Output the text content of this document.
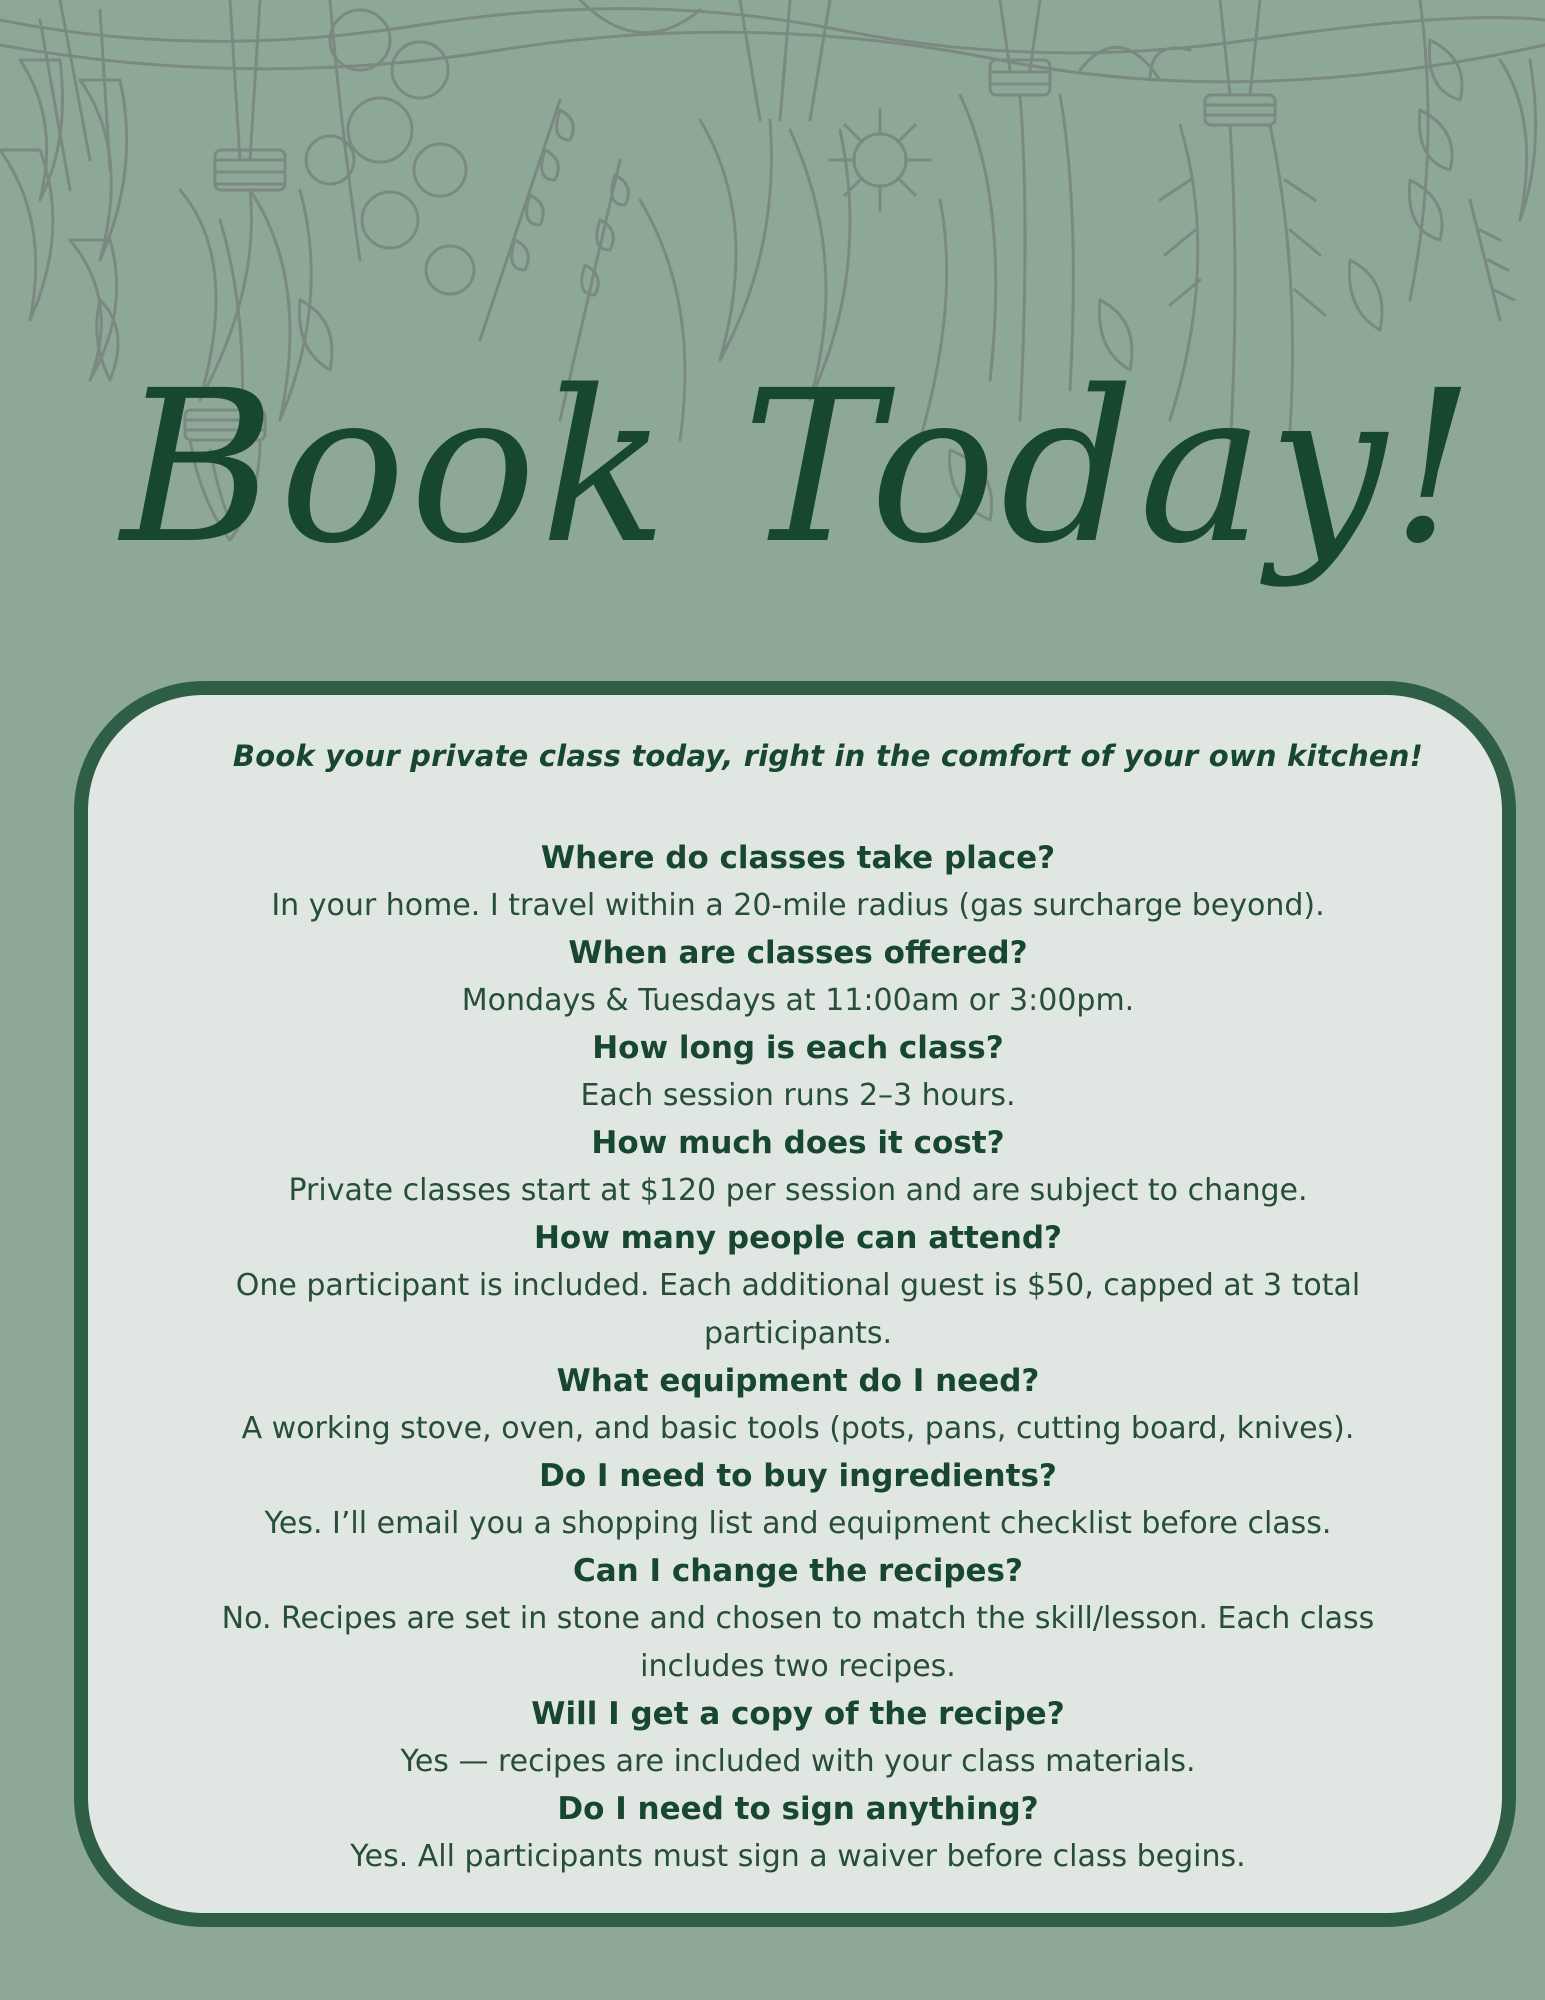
Book Today!

Book your private class today, right in the comfort of your own kitchen!

Where do classes take place?

In your home. I travel within a 20-mile radius (gas surcharge beyond).

When are classes offered?

Mondays & Tuesdays at 11:00am or 3:00pm.

How long is each class?

Each session runs 2–3 hours.

How much does it cost?

Private classes start at $120 per session and are subject to change.

How many people can attend?

One participant is included. Each additional guest is $50, capped at 3 total participants.

What equipment do I need?

A working stove, oven, and basic tools (pots, pans, cutting board, knives).

Do I need to buy ingredients?

Yes. I’ll email you a shopping list and equipment checklist before class.

Can I change the recipes?

No. Recipes are set in stone and chosen to match the skill/lesson. Each class includes two recipes.

Will I get a copy of the recipe?

Yes — recipes are included with your class materials.

Do I need to sign anything?

Yes. All participants must sign a waiver before class begins.
